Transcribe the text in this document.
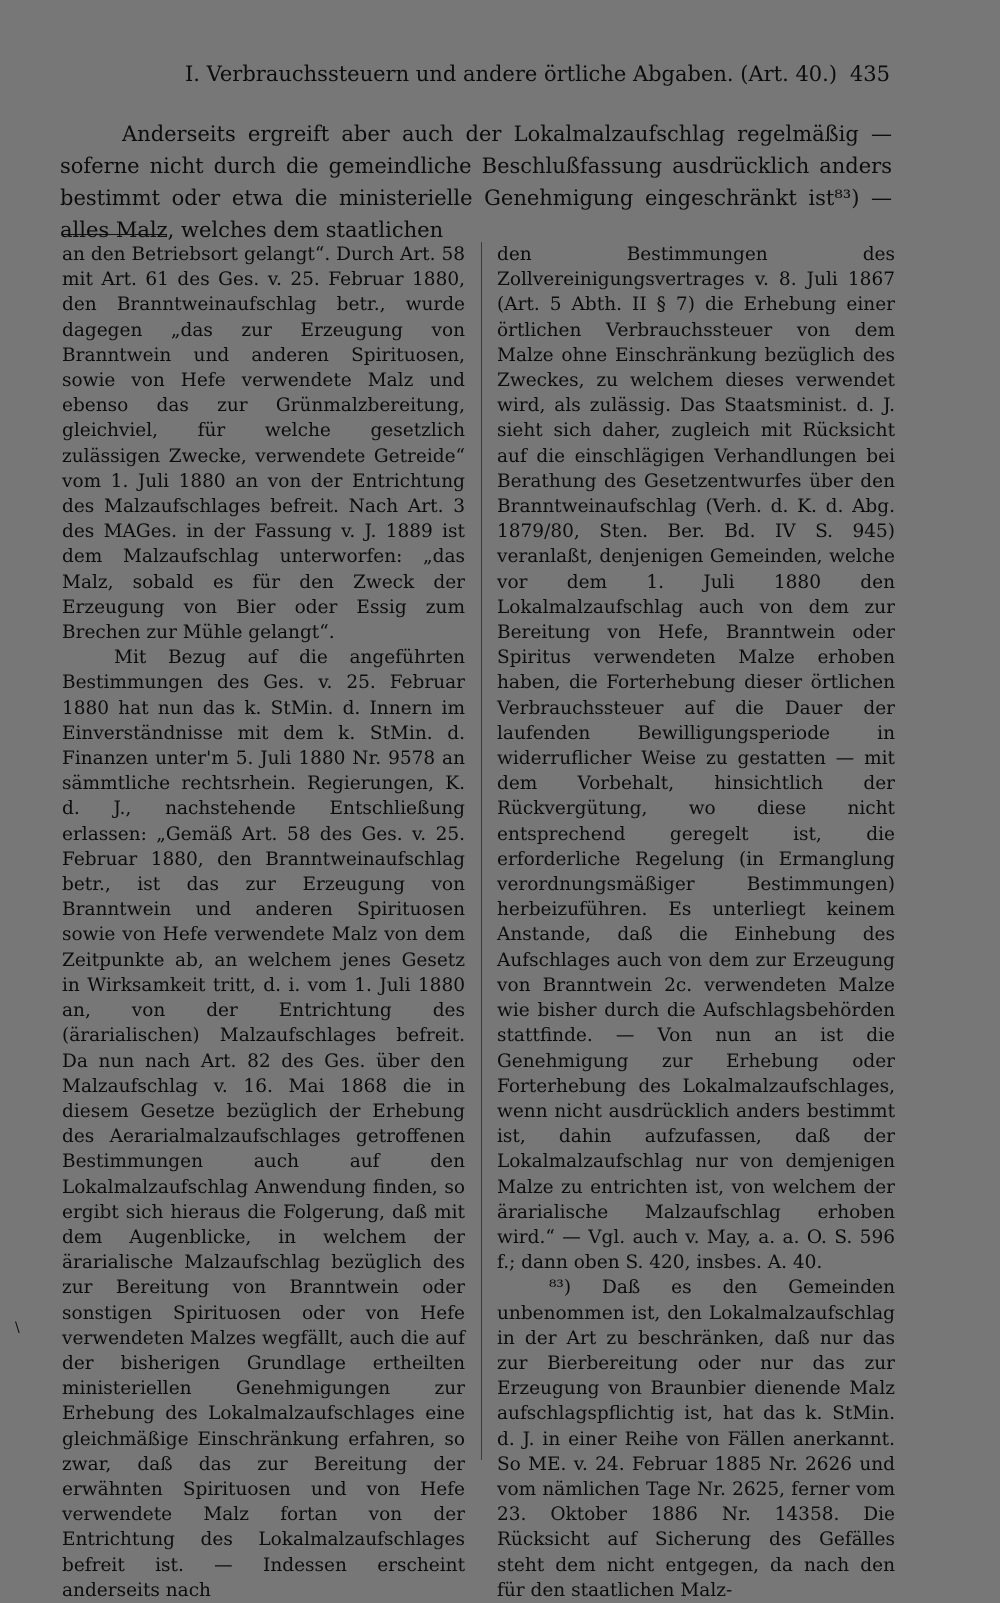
I. Verbrauchssteuern und andere örtliche Abgaben. (Art. 40.) 435

Anderseits ergreift aber auch der Lokalmalzaufschlag regelmäßig — soferne nicht durch die gemeindliche Beschlußfassung ausdrücklich anders bestimmt oder etwa die ministerielle Genehmigung eingeschränkt ist⁸³) — alles Malz, welches dem staatlichen

an den Betriebsort gelangt“. Durch Art. 58 mit Art. 61 des Ges. v. 25. Februar 1880, den Branntweinaufschlag betr., wurde dagegen „das zur Erzeugung von Branntwein und anderen Spirituosen, sowie von Hefe verwendete Malz und ebenso das zur Grünmalzbereitung, gleichviel, für welche gesetzlich zulässigen Zwecke, verwendete Getreide“ vom 1. Juli 1880 an von der Entrichtung des Malzaufschlages befreit. Nach Art. 3 des MAGes. in der Fassung v. J. 1889 ist dem Malzaufschlag unterworfen: „das Malz, sobald es für den Zweck der Erzeugung von Bier oder Essig zum Brechen zur Mühle gelangt“.

Mit Bezug auf die angeführten Bestimmungen des Ges. v. 25. Februar 1880 hat nun das k. StMin. d. Innern im Einverständnisse mit dem k. StMin. d. Finanzen unter'm 5. Juli 1880 Nr. 9578 an sämmtliche rechtsrhein. Regierungen, K. d. J., nachstehende Entschließung erlassen: „Gemäß Art. 58 des Ges. v. 25. Februar 1880, den Branntweinaufschlag betr., ist das zur Erzeugung von Branntwein und anderen Spirituosen sowie von Hefe verwendete Malz von dem Zeitpunkte ab, an welchem jenes Gesetz in Wirksamkeit tritt, d. i. vom 1. Juli 1880 an, von der Entrichtung des (ärarialischen) Malzaufschlages befreit. Da nun nach Art. 82 des Ges. über den Malzaufschlag v. 16. Mai 1868 die in diesem Gesetze bezüglich der Erhebung des Aerarialmalzaufschlages getroffenen Bestimmungen auch auf den Lokalmalzaufschlag Anwendung finden, so ergibt sich hieraus die Folgerung, daß mit dem Augenblicke, in welchem der ärarialische Malzaufschlag bezüglich des zur Bereitung von Branntwein oder sonstigen Spirituosen oder von Hefe verwendeten Malzes wegfällt, auch die auf der bisherigen Grundlage ertheilten ministeriellen Genehmigungen zur Erhebung des Lokalmalzaufschlages eine gleichmäßige Einschränkung erfahren, so zwar, daß das zur Bereitung der erwähnten Spirituosen und von Hefe verwendete Malz fortan von der Entrichtung des Lokalmalzaufschlages befreit ist. — Indessen erscheint anderseits nach

den Bestimmungen des Zollvereinigungsvertrages v. 8. Juli 1867 (Art. 5 Abth. II § 7) die Erhebung einer örtlichen Verbrauchssteuer von dem Malze ohne Einschränkung bezüglich des Zweckes, zu welchem dieses verwendet wird, als zulässig. Das Staatsminist. d. J. sieht sich daher, zugleich mit Rücksicht auf die einschlägigen Verhandlungen bei Berathung des Gesetzentwurfes über den Branntweinaufschlag (Verh. d. K. d. Abg. 1879/80, Sten. Ber. Bd. IV S. 945) veranlaßt, denjenigen Gemeinden, welche vor dem 1. Juli 1880 den Lokalmalzaufschlag auch von dem zur Bereitung von Hefe, Branntwein oder Spiritus verwendeten Malze erhoben haben, die Forterhebung dieser örtlichen Verbrauchssteuer auf die Dauer der laufenden Bewilligungsperiode in widerruflicher Weise zu gestatten — mit dem Vorbehalt, hinsichtlich der Rückvergütung, wo diese nicht entsprechend geregelt ist, die erforderliche Regelung (in Ermanglung verordnungsmäßiger Bestimmungen) herbeizuführen. Es unterliegt keinem Anstande, daß die Einhebung des Aufschlages auch von dem zur Erzeugung von Branntwein 2c. verwendeten Malze wie bisher durch die Aufschlagsbehörden stattfinde. — Von nun an ist die Genehmigung zur Erhebung oder Forterhebung des Lokalmalzaufschlages, wenn nicht ausdrücklich anders bestimmt ist, dahin aufzufassen, daß der Lokalmalzaufschlag nur von demjenigen Malze zu entrichten ist, von welchem der ärarialische Malzaufschlag erhoben wird.“ — Vgl. auch v. May, a. a. O. S. 596 f.; dann oben S. 420, insbes. A. 40.

⁸³) Daß es den Gemeinden unbenommen ist, den Lokalmalzaufschlag in der Art zu beschränken, daß nur das zur Bierbereitung oder nur das zur Erzeugung von Braunbier dienende Malz aufschlagspflichtig ist, hat das k. StMin. d. J. in einer Reihe von Fällen anerkannt. So ME. v. 24. Februar 1885 Nr. 2626 und vom nämlichen Tage Nr. 2625, ferner vom 23. Oktober 1886 Nr. 14358. Die Rücksicht auf Sicherung des Gefälles steht dem nicht entgegen, da nach den für den staatlichen Malz-

\
